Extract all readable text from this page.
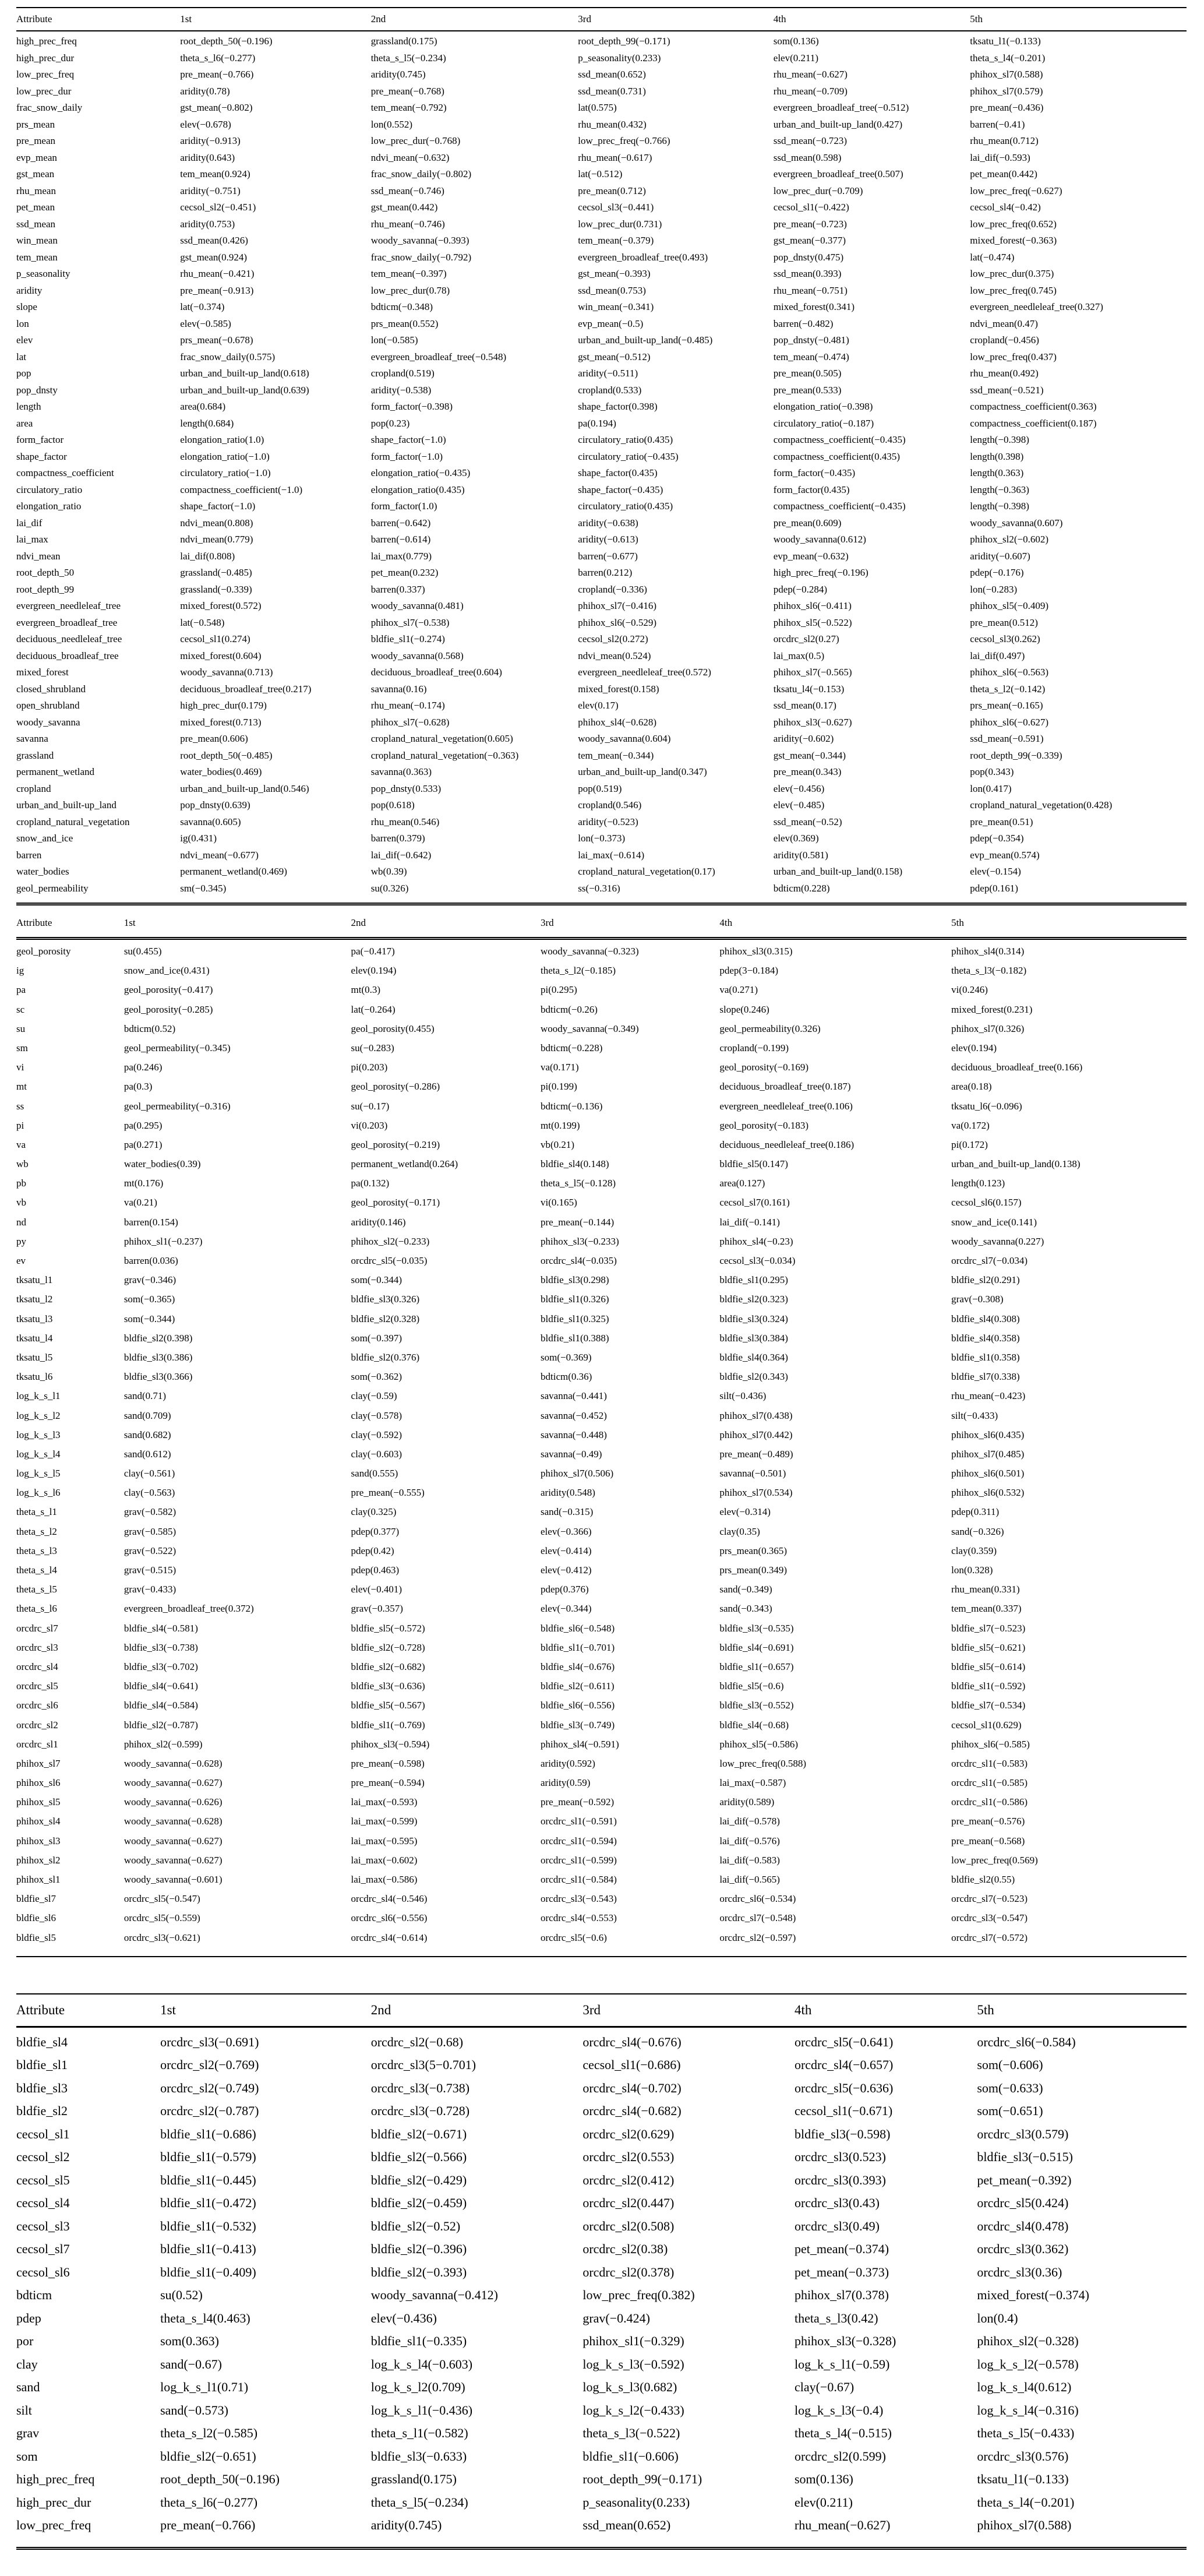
Attribute	1st	2nd	3rd	4th	5th
high_prec_freq	root_depth_50(−0.196)	grassland(0.175)	root_depth_99(−0.171)	som(0.136)	tksatu_l1(−0.133)
high_prec_dur	theta_s_l6(−0.277)	theta_s_l5(−0.234)	p_seasonality(0.233)	elev(0.211)	theta_s_l4(−0.201)
low_prec_freq	pre_mean(−0.766)	aridity(0.745)	ssd_mean(0.652)	rhu_mean(−0.627)	phihox_sl7(0.588)
low_prec_dur	aridity(0.78)	pre_mean(−0.768)	ssd_mean(0.731)	rhu_mean(−0.709)	phihox_sl7(0.579)
frac_snow_daily	gst_mean(−0.802)	tem_mean(−0.792)	lat(0.575)	evergreen_broadleaf_tree(−0.512)	pre_mean(−0.436)
prs_mean	elev(−0.678)	lon(0.552)	rhu_mean(0.432)	urban_and_built-up_land(0.427)	barren(−0.41)
pre_mean	aridity(−0.913)	low_prec_dur(−0.768)	low_prec_freq(−0.766)	ssd_mean(−0.723)	rhu_mean(0.712)
evp_mean	aridity(0.643)	ndvi_mean(−0.632)	rhu_mean(−0.617)	ssd_mean(0.598)	lai_dif(−0.593)
gst_mean	tem_mean(0.924)	frac_snow_daily(−0.802)	lat(−0.512)	evergreen_broadleaf_tree(0.507)	pet_mean(0.442)
rhu_mean	aridity(−0.751)	ssd_mean(−0.746)	pre_mean(0.712)	low_prec_dur(−0.709)	low_prec_freq(−0.627)
pet_mean	cecsol_sl2(−0.451)	gst_mean(0.442)	cecsol_sl3(−0.441)	cecsol_sl1(−0.422)	cecsol_sl4(−0.42)
ssd_mean	aridity(0.753)	rhu_mean(−0.746)	low_prec_dur(0.731)	pre_mean(−0.723)	low_prec_freq(0.652)
win_mean	ssd_mean(0.426)	woody_savanna(−0.393)	tem_mean(−0.379)	gst_mean(−0.377)	mixed_forest(−0.363)
tem_mean	gst_mean(0.924)	frac_snow_daily(−0.792)	evergreen_broadleaf_tree(0.493)	pop_dnsty(0.475)	lat(−0.474)
p_seasonality	rhu_mean(−0.421)	tem_mean(−0.397)	gst_mean(−0.393)	ssd_mean(0.393)	low_prec_dur(0.375)
aridity	pre_mean(−0.913)	low_prec_dur(0.78)	ssd_mean(0.753)	rhu_mean(−0.751)	low_prec_freq(0.745)
slope	lat(−0.374)	bdticm(−0.348)	win_mean(−0.341)	mixed_forest(0.341)	evergreen_needleleaf_tree(0.327)
lon	elev(−0.585)	prs_mean(0.552)	evp_mean(−0.5)	barren(−0.482)	ndvi_mean(0.47)
elev	prs_mean(−0.678)	lon(−0.585)	urban_and_built-up_land(−0.485)	pop_dnsty(−0.481)	cropland(−0.456)
lat	frac_snow_daily(0.575)	evergreen_broadleaf_tree(−0.548)	gst_mean(−0.512)	tem_mean(−0.474)	low_prec_freq(0.437)
pop	urban_and_built-up_land(0.618)	cropland(0.519)	aridity(−0.511)	pre_mean(0.505)	rhu_mean(0.492)
pop_dnsty	urban_and_built-up_land(0.639)	aridity(−0.538)	cropland(0.533)	pre_mean(0.533)	ssd_mean(−0.521)
length	area(0.684)	form_factor(−0.398)	shape_factor(0.398)	elongation_ratio(−0.398)	compactness_coefficient(0.363)
area	length(0.684)	pop(0.23)	pa(0.194)	circulatory_ratio(−0.187)	compactness_coefficient(0.187)
form_factor	elongation_ratio(1.0)	shape_factor(−1.0)	circulatory_ratio(0.435)	compactness_coefficient(−0.435)	length(−0.398)
shape_factor	elongation_ratio(−1.0)	form_factor(−1.0)	circulatory_ratio(−0.435)	compactness_coefficient(0.435)	length(0.398)
compactness_coefficient	circulatory_ratio(−1.0)	elongation_ratio(−0.435)	shape_factor(0.435)	form_factor(−0.435)	length(0.363)
circulatory_ratio	compactness_coefficient(−1.0)	elongation_ratio(0.435)	shape_factor(−0.435)	form_factor(0.435)	length(−0.363)
elongation_ratio	shape_factor(−1.0)	form_factor(1.0)	circulatory_ratio(0.435)	compactness_coefficient(−0.435)	length(−0.398)
lai_dif	ndvi_mean(0.808)	barren(−0.642)	aridity(−0.638)	pre_mean(0.609)	woody_savanna(0.607)
lai_max	ndvi_mean(0.779)	barren(−0.614)	aridity(−0.613)	woody_savanna(0.612)	phihox_sl2(−0.602)
ndvi_mean	lai_dif(0.808)	lai_max(0.779)	barren(−0.677)	evp_mean(−0.632)	aridity(−0.607)
root_depth_50	grassland(−0.485)	pet_mean(0.232)	barren(0.212)	high_prec_freq(−0.196)	pdep(−0.176)
root_depth_99	grassland(−0.339)	barren(0.337)	cropland(−0.336)	pdep(−0.284)	lon(−0.283)
evergreen_needleleaf_tree	mixed_forest(0.572)	woody_savanna(0.481)	phihox_sl7(−0.416)	phihox_sl6(−0.411)	phihox_sl5(−0.409)
evergreen_broadleaf_tree	lat(−0.548)	phihox_sl7(−0.538)	phihox_sl6(−0.529)	phihox_sl5(−0.522)	pre_mean(0.512)
deciduous_needleleaf_tree	cecsol_sl1(0.274)	bldfie_sl1(−0.274)	cecsol_sl2(0.272)	orcdrc_sl2(0.27)	cecsol_sl3(0.262)
deciduous_broadleaf_tree	mixed_forest(0.604)	woody_savanna(0.568)	ndvi_mean(0.524)	lai_max(0.5)	lai_dif(0.497)
mixed_forest	woody_savanna(0.713)	deciduous_broadleaf_tree(0.604)	evergreen_needleleaf_tree(0.572)	phihox_sl7(−0.565)	phihox_sl6(−0.563)
closed_shrubland	deciduous_broadleaf_tree(0.217)	savanna(0.16)	mixed_forest(0.158)	tksatu_l4(−0.153)	theta_s_l2(−0.142)
open_shrubland	high_prec_dur(0.179)	rhu_mean(−0.174)	elev(0.17)	ssd_mean(0.17)	prs_mean(−0.165)
woody_savanna	mixed_forest(0.713)	phihox_sl7(−0.628)	phihox_sl4(−0.628)	phihox_sl3(−0.627)	phihox_sl6(−0.627)
savanna	pre_mean(0.606)	cropland_natural_vegetation(0.605)	woody_savanna(0.604)	aridity(−0.602)	ssd_mean(−0.591)
grassland	root_depth_50(−0.485)	cropland_natural_vegetation(−0.363)	tem_mean(−0.344)	gst_mean(−0.344)	root_depth_99(−0.339)
permanent_wetland	water_bodies(0.469)	savanna(0.363)	urban_and_built-up_land(0.347)	pre_mean(0.343)	pop(0.343)
cropland	urban_and_built-up_land(0.546)	pop_dnsty(0.533)	pop(0.519)	elev(−0.456)	lon(0.417)
urban_and_built-up_land	pop_dnsty(0.639)	pop(0.618)	cropland(0.546)	elev(−0.485)	cropland_natural_vegetation(0.428)
cropland_natural_vegetation	savanna(0.605)	rhu_mean(0.546)	aridity(−0.523)	ssd_mean(−0.52)	pre_mean(0.51)
snow_and_ice	ig(0.431)	barren(0.379)	lon(−0.373)	elev(0.369)	pdep(−0.354)
barren	ndvi_mean(−0.677)	lai_dif(−0.642)	lai_max(−0.614)	aridity(0.581)	evp_mean(0.574)
water_bodies	permanent_wetland(0.469)	wb(0.39)	cropland_natural_vegetation(0.17)	urban_and_built-up_land(0.158)	elev(−0.154)
geol_permeability	sm(−0.345)	su(0.326)	ss(−0.316)	bdticm(0.228)	pdep(0.161)
Attribute	1st	2nd	3rd	4th	5th
geol_porosity	su(0.455)	pa(−0.417)	woody_savanna(−0.323)	phihox_sl3(0.315)	phihox_sl4(0.314)
ig	snow_and_ice(0.431)	elev(0.194)	theta_s_l2(−0.185)	pdep(3−0.184)	theta_s_l3(−0.182)
pa	geol_porosity(−0.417)	mt(0.3)	pi(0.295)	va(0.271)	vi(0.246)
sc	geol_porosity(−0.285)	lat(−0.264)	bdticm(−0.26)	slope(0.246)	mixed_forest(0.231)
su	bdticm(0.52)	geol_porosity(0.455)	woody_savanna(−0.349)	geol_permeability(0.326)	phihox_sl7(0.326)
sm	geol_permeability(−0.345)	su(−0.283)	bdticm(−0.228)	cropland(−0.199)	elev(0.194)
vi	pa(0.246)	pi(0.203)	va(0.171)	geol_porosity(−0.169)	deciduous_broadleaf_tree(0.166)
mt	pa(0.3)	geol_porosity(−0.286)	pi(0.199)	deciduous_broadleaf_tree(0.187)	area(0.18)
ss	geol_permeability(−0.316)	su(−0.17)	bdticm(−0.136)	evergreen_needleleaf_tree(0.106)	tksatu_l6(−0.096)
pi	pa(0.295)	vi(0.203)	mt(0.199)	geol_porosity(−0.183)	va(0.172)
va	pa(0.271)	geol_porosity(−0.219)	vb(0.21)	deciduous_needleleaf_tree(0.186)	pi(0.172)
wb	water_bodies(0.39)	permanent_wetland(0.264)	bldfie_sl4(0.148)	bldfie_sl5(0.147)	urban_and_built-up_land(0.138)
pb	mt(0.176)	pa(0.132)	theta_s_l5(−0.128)	area(0.127)	length(0.123)
vb	va(0.21)	geol_porosity(−0.171)	vi(0.165)	cecsol_sl7(0.161)	cecsol_sl6(0.157)
nd	barren(0.154)	aridity(0.146)	pre_mean(−0.144)	lai_dif(−0.141)	snow_and_ice(0.141)
py	phihox_sl1(−0.237)	phihox_sl2(−0.233)	phihox_sl3(−0.233)	phihox_sl4(−0.23)	woody_savanna(0.227)
ev	barren(0.036)	orcdrc_sl5(−0.035)	orcdrc_sl4(−0.035)	cecsol_sl3(−0.034)	orcdrc_sl7(−0.034)
tksatu_l1	grav(−0.346)	som(−0.344)	bldfie_sl3(0.298)	bldfie_sl1(0.295)	bldfie_sl2(0.291)
tksatu_l2	som(−0.365)	bldfie_sl3(0.326)	bldfie_sl1(0.326)	bldfie_sl2(0.323)	grav(−0.308)
tksatu_l3	som(−0.344)	bldfie_sl2(0.328)	bldfie_sl1(0.325)	bldfie_sl3(0.324)	bldfie_sl4(0.308)
tksatu_l4	bldfie_sl2(0.398)	som(−0.397)	bldfie_sl1(0.388)	bldfie_sl3(0.384)	bldfie_sl4(0.358)
tksatu_l5	bldfie_sl3(0.386)	bldfie_sl2(0.376)	som(−0.369)	bldfie_sl4(0.364)	bldfie_sl1(0.358)
tksatu_l6	bldfie_sl3(0.366)	som(−0.362)	bdticm(0.36)	bldfie_sl2(0.343)	bldfie_sl7(0.338)
log_k_s_l1	sand(0.71)	clay(−0.59)	savanna(−0.441)	silt(−0.436)	rhu_mean(−0.423)
log_k_s_l2	sand(0.709)	clay(−0.578)	savanna(−0.452)	phihox_sl7(0.438)	silt(−0.433)
log_k_s_l3	sand(0.682)	clay(−0.592)	savanna(−0.448)	phihox_sl7(0.442)	phihox_sl6(0.435)
log_k_s_l4	sand(0.612)	clay(−0.603)	savanna(−0.49)	pre_mean(−0.489)	phihox_sl7(0.485)
log_k_s_l5	clay(−0.561)	sand(0.555)	phihox_sl7(0.506)	savanna(−0.501)	phihox_sl6(0.501)
log_k_s_l6	clay(−0.563)	pre_mean(−0.555)	aridity(0.548)	phihox_sl7(0.534)	phihox_sl6(0.532)
theta_s_l1	grav(−0.582)	clay(0.325)	sand(−0.315)	elev(−0.314)	pdep(0.311)
theta_s_l2	grav(−0.585)	pdep(0.377)	elev(−0.366)	clay(0.35)	sand(−0.326)
theta_s_l3	grav(−0.522)	pdep(0.42)	elev(−0.414)	prs_mean(0.365)	clay(0.359)
theta_s_l4	grav(−0.515)	pdep(0.463)	elev(−0.412)	prs_mean(0.349)	lon(0.328)
theta_s_l5	grav(−0.433)	elev(−0.401)	pdep(0.376)	sand(−0.349)	rhu_mean(0.331)
theta_s_l6	evergreen_broadleaf_tree(0.372)	grav(−0.357)	elev(−0.344)	sand(−0.343)	tem_mean(0.337)
orcdrc_sl7	bldfie_sl4(−0.581)	bldfie_sl5(−0.572)	bldfie_sl6(−0.548)	bldfie_sl3(−0.535)	bldfie_sl7(−0.523)
orcdrc_sl3	bldfie_sl3(−0.738)	bldfie_sl2(−0.728)	bldfie_sl1(−0.701)	bldfie_sl4(−0.691)	bldfie_sl5(−0.621)
orcdrc_sl4	bldfie_sl3(−0.702)	bldfie_sl2(−0.682)	bldfie_sl4(−0.676)	bldfie_sl1(−0.657)	bldfie_sl5(−0.614)
orcdrc_sl5	bldfie_sl4(−0.641)	bldfie_sl3(−0.636)	bldfie_sl2(−0.611)	bldfie_sl5(−0.6)	bldfie_sl1(−0.592)
orcdrc_sl6	bldfie_sl4(−0.584)	bldfie_sl5(−0.567)	bldfie_sl6(−0.556)	bldfie_sl3(−0.552)	bldfie_sl7(−0.534)
orcdrc_sl2	bldfie_sl2(−0.787)	bldfie_sl1(−0.769)	bldfie_sl3(−0.749)	bldfie_sl4(−0.68)	cecsol_sl1(0.629)
orcdrc_sl1	phihox_sl2(−0.599)	phihox_sl3(−0.594)	phihox_sl4(−0.591)	phihox_sl5(−0.586)	phihox_sl6(−0.585)
phihox_sl7	woody_savanna(−0.628)	pre_mean(−0.598)	aridity(0.592)	low_prec_freq(0.588)	orcdrc_sl1(−0.583)
phihox_sl6	woody_savanna(−0.627)	pre_mean(−0.594)	aridity(0.59)	lai_max(−0.587)	orcdrc_sl1(−0.585)
phihox_sl5	woody_savanna(−0.626)	lai_max(−0.593)	pre_mean(−0.592)	aridity(0.589)	orcdrc_sl1(−0.586)
phihox_sl4	woody_savanna(−0.628)	lai_max(−0.599)	orcdrc_sl1(−0.591)	lai_dif(−0.578)	pre_mean(−0.576)
phihox_sl3	woody_savanna(−0.627)	lai_max(−0.595)	orcdrc_sl1(−0.594)	lai_dif(−0.576)	pre_mean(−0.568)
phihox_sl2	woody_savanna(−0.627)	lai_max(−0.602)	orcdrc_sl1(−0.599)	lai_dif(−0.583)	low_prec_freq(0.569)
phihox_sl1	woody_savanna(−0.601)	lai_max(−0.586)	orcdrc_sl1(−0.584)	lai_dif(−0.565)	bldfie_sl2(0.55)
bldfie_sl7	orcdrc_sl5(−0.547)	orcdrc_sl4(−0.546)	orcdrc_sl3(−0.543)	orcdrc_sl6(−0.534)	orcdrc_sl7(−0.523)
bldfie_sl6	orcdrc_sl5(−0.559)	orcdrc_sl6(−0.556)	orcdrc_sl4(−0.553)	orcdrc_sl7(−0.548)	orcdrc_sl3(−0.547)
bldfie_sl5	orcdrc_sl3(−0.621)	orcdrc_sl4(−0.614)	orcdrc_sl5(−0.6)	orcdrc_sl2(−0.597)	orcdrc_sl7(−0.572)
Attribute	1st	2nd	3rd	4th	5th
bldfie_sl4	orcdrc_sl3(−0.691)	orcdrc_sl2(−0.68)	orcdrc_sl4(−0.676)	orcdrc_sl5(−0.641)	orcdrc_sl6(−0.584)
bldfie_sl1	orcdrc_sl2(−0.769)	orcdrc_sl3(5−0.701)	cecsol_sl1(−0.686)	orcdrc_sl4(−0.657)	som(−0.606)
bldfie_sl3	orcdrc_sl2(−0.749)	orcdrc_sl3(−0.738)	orcdrc_sl4(−0.702)	orcdrc_sl5(−0.636)	som(−0.633)
bldfie_sl2	orcdrc_sl2(−0.787)	orcdrc_sl3(−0.728)	orcdrc_sl4(−0.682)	cecsol_sl1(−0.671)	som(−0.651)
cecsol_sl1	bldfie_sl1(−0.686)	bldfie_sl2(−0.671)	orcdrc_sl2(0.629)	bldfie_sl3(−0.598)	orcdrc_sl3(0.579)
cecsol_sl2	bldfie_sl1(−0.579)	bldfie_sl2(−0.566)	orcdrc_sl2(0.553)	orcdrc_sl3(0.523)	bldfie_sl3(−0.515)
cecsol_sl5	bldfie_sl1(−0.445)	bldfie_sl2(−0.429)	orcdrc_sl2(0.412)	orcdrc_sl3(0.393)	pet_mean(−0.392)
cecsol_sl4	bldfie_sl1(−0.472)	bldfie_sl2(−0.459)	orcdrc_sl2(0.447)	orcdrc_sl3(0.43)	orcdrc_sl5(0.424)
cecsol_sl3	bldfie_sl1(−0.532)	bldfie_sl2(−0.52)	orcdrc_sl2(0.508)	orcdrc_sl3(0.49)	orcdrc_sl4(0.478)
cecsol_sl7	bldfie_sl1(−0.413)	bldfie_sl2(−0.396)	orcdrc_sl2(0.38)	pet_mean(−0.374)	orcdrc_sl3(0.362)
cecsol_sl6	bldfie_sl1(−0.409)	bldfie_sl2(−0.393)	orcdrc_sl2(0.378)	pet_mean(−0.373)	orcdrc_sl3(0.36)
bdticm	su(0.52)	woody_savanna(−0.412)	low_prec_freq(0.382)	phihox_sl7(0.378)	mixed_forest(−0.374)
pdep	theta_s_l4(0.463)	elev(−0.436)	grav(−0.424)	theta_s_l3(0.42)	lon(0.4)
por	som(0.363)	bldfie_sl1(−0.335)	phihox_sl1(−0.329)	phihox_sl3(−0.328)	phihox_sl2(−0.328)
clay	sand(−0.67)	log_k_s_l4(−0.603)	log_k_s_l3(−0.592)	log_k_s_l1(−0.59)	log_k_s_l2(−0.578)
sand	log_k_s_l1(0.71)	log_k_s_l2(0.709)	log_k_s_l3(0.682)	clay(−0.67)	log_k_s_l4(0.612)
silt	sand(−0.573)	log_k_s_l1(−0.436)	log_k_s_l2(−0.433)	log_k_s_l3(−0.4)	log_k_s_l4(−0.316)
grav	theta_s_l2(−0.585)	theta_s_l1(−0.582)	theta_s_l3(−0.522)	theta_s_l4(−0.515)	theta_s_l5(−0.433)
som	bldfie_sl2(−0.651)	bldfie_sl3(−0.633)	bldfie_sl1(−0.606)	orcdrc_sl2(0.599)	orcdrc_sl3(0.576)
high_prec_freq	root_depth_50(−0.196)	grassland(0.175)	root_depth_99(−0.171)	som(0.136)	tksatu_l1(−0.133)
high_prec_dur	theta_s_l6(−0.277)	theta_s_l5(−0.234)	p_seasonality(0.233)	elev(0.211)	theta_s_l4(−0.201)
low_prec_freq	pre_mean(−0.766)	aridity(0.745)	ssd_mean(0.652)	rhu_mean(−0.627)	phihox_sl7(0.588)
